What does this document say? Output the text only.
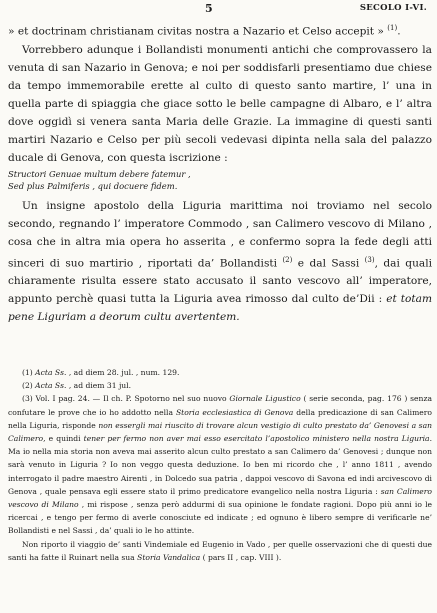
5	SECOLO I-VI.

» et doctrinam christianam civitas nostra a Nazario et Celso accepit » $^{(1)}$.

Vorrebbero adunque i Bollandisti monumenti antichi che comprovassero la venuta di san Nazario in Genova; e noi per soddisfarli presentiamo due chiese da tempo immemorabile erette al culto di questo santo martire, l’ una in quella parte di spiaggia che giace sotto le belle campagne di Albaro, e l’ altra dove oggidì si venera santa Maria delle Grazie. La immagine di questi santi martiri Nazario e Celso per più secoli vedevasi dipinta nella sala del palazzo ducale di Genova, con questa iscrizione :

Structori Genuae multum debere fatemur ,
Sed plus Palmiferis , qui docuere fidem.

Un insigne apostolo della Liguria marittima noi troviamo nel secolo secondo, regnando l’ imperatore Commodo , san Calimero vescovo di Milano , cosa che in altra mia opera ho asserita , e confermo sopra la fede degli atti sinceri di suo martirio , riportati da’ Bollandisti $^{(2)}$ e dal Sassi $^{(3)}$, dai quali chiaramente risulta essere stato accusato il santo vescovo all’ imperatore, appunto perchè quasi tutta la Liguria avea rimosso dal culto de’Dii : et totam pene Liguriam a deorum cultu avertentem.

(1) Acta Ss. , ad diem 28. jul. , num. 129.

(2) Acta Ss. , ad diem 31 jul.

(3) Vol. I pag. 24. — Il ch. P. Spotorno nel suo nuovo Giornale Ligustico ( serie seconda, pag. 176 ) senza confutare le prove che io ho addotto nella Storia ecclesiastica di Genova della predicazione di san Calimero nella Liguria, risponde non essergli mai riuscito di trovare alcun vestigio di culto prestato da’ Genovesi a san Calimero, e quindi tener per fermo non aver mai esso esercitato l’apostolico ministero nella nostra Liguria. Ma io nella mia storia non aveva mai asserito alcun culto prestato a san Calimero da’ Genovesi ; dunque non sarà venuto in Liguria ? Io non veggo questa deduzione. Io ben mi ricordo che , l’ anno 1811 , avendo interrogato il padre maestro Airenti , in Dolcedo sua patria , dappoi vescovo di Savona ed indi arcivescovo di Genova , quale pensava egli essere stato il primo predicatore evangelico nella nostra Liguria : san Calimero vescovo di Milano , mi rispose , senza però addurmi di sua opinione le fondate ragioni. Dopo più anni io le ricercai , e tengo per fermo di averle conosciute ed indicate ; ed ognuno è libero sempre di verificarle ne’ Bollandisti e nel Sassi , da’ quali io le ho attinte.

Non riporto il viaggio de’ santi Vindemiale ed Eugenio in Vado , per quelle osservazioni che di questi due santi ha fatte il Ruinart nella sua Storia Vandalica ( pars II , cap. VIII ).
